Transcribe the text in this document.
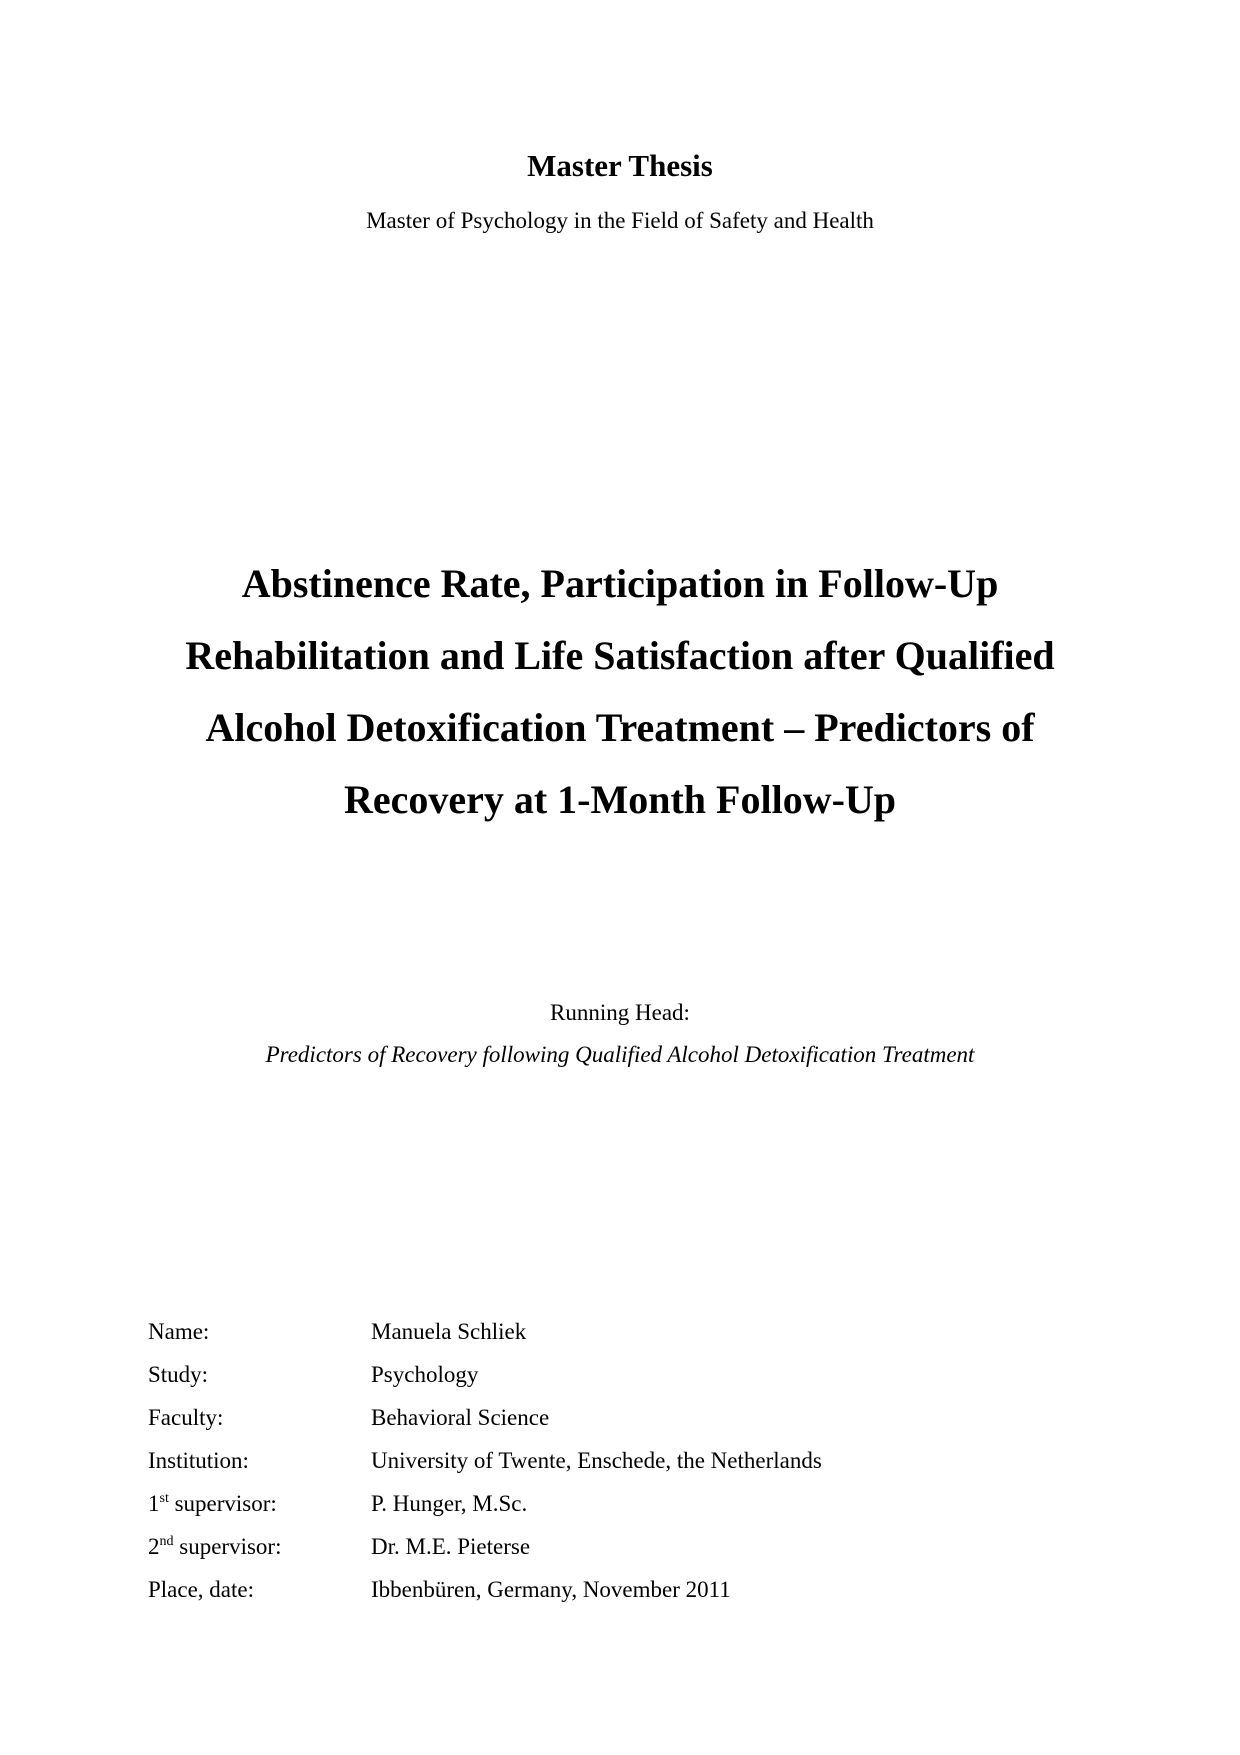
Master Thesis
Master of Psychology in the Field of Safety and Health
Abstinence Rate, Participation in Follow-Up
Rehabilitation and Life Satisfaction after Qualified
Alcohol Detoxification Treatment – Predictors of
Recovery at 1-Month Follow-Up
Running Head:
Predictors of Recovery following Qualified Alcohol Detoxification Treatment
Name:	Manuela Schliek
Study:	Psychology
Faculty:	Behavioral Science
Institution:	University of Twente, Enschede, the Netherlands
1st supervisor:	P. Hunger, M.Sc.
2nd supervisor:	Dr. M.E. Pieterse
Place, date:	Ibbenbüren, Germany, November 2011
